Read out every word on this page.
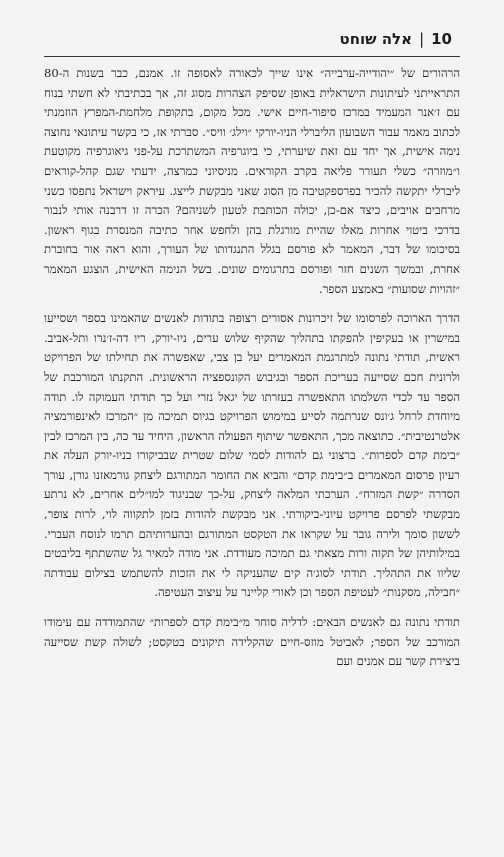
10
|
אלה שוחט

הרהורים של ״יהודייה-ערבייה״ אינו שייך לכאורה לאסופה זו. אמנם, כבר בשנות ה-80 התראייתני לעיתונות הישראלית באופן שסיפק הצהרות מסוג זה, אך בכתיבתי לא חשתי בנוח עם ז׳אנר המעמיד במרכז סיפור-חיים אישי. מכל מקום, בתקופת מלחמת-המפרץ הוזמנתי לכתוב מאמר עבור השבועון הליברלי הניו-יורקי ״וילג׳ וויס״. סברתי אז, כי בקשר עיתונאי נחוצה נימה אישית, אך יחד עם זאת שיערתי, כי ביוגרפיה המשתרכת על-פני גיאוגרפיה מקוטעת ו״מוזרה״ כשלי תעורר פליאה בקרב הקוראים. מניסיוני כמרצה, ידעתי שגם קהל-קוראים ליברלי יתקשה להכיר בפרספקטיבה מן הסוג שאני מבקשת לייצג. עיראק וישראל נתפסו כשני מרחבים אויבים, כיצד אם-כן, יכולה הכותבת לטעון לשניהם? הכרה זו דרבנה אותי לנבור בדרכי ביטוי אחרות מאלו שהיית מורגלת בהן ולחפש אחר כתיבה המנסרת בגוף ראשון. בסיכומו של דבר, המאמר לא פורסם בגלל התנגדותו של העורך, והוא ראה אור בחוברת אחרת, ובמשך השנים חזר ופורסם בתרגומים שונים. בשל הנימה האישית, הוצגע המאמר ״זהויות שסועות״ באמצע הספר.

הדרך הארוכה לפרסומו של זיכרונות אסורים רצופה בתודות לאנשים שהאמינו בספר ושסייעו במישרין או בעקיפין להפקתו בתהליך שהקיף שלוש ערים, ניו-יורק, ריו דה-ז׳נרו ותל-אביב. ראשית, תודתי נתונה למתרגמת המאמרים יעל בן צבי, שאפשרה את תחילתו של הפרויקט ולרונית חכם שסייעה בעריכת הספר ובגיבוש הקונספציה הראשונית. התקנתו המורכבת של הספר עד לכדי השלמתו התאפשרה בעזרתו של יגאל נזרי ועל כך תודתי העמוקה לו. תודה מיוחדת לרחל ג׳ונס שנרתמה לסייע במימוש הפרויקט בגיוס תמיכה מן ״המרכז לאינפורמציה אלטרנטיבית״. כתוצאה מכך, התאפשר שיתוף הפעולה הראשון, היחיד עד כה, בין המרכז לבין ״בימת קדם לספרות״. ברצוני גם להודות לסמי שלום שטרית שבביקורו בניו-יורק העלה את רעיון פרסום המאמרים ב״בימת קדם״ והביא את החומר המתורגם ליצחק גורמאזנו גורן, עורך הסדרה ״קשת המזרח״. הערכתי המלאה ליצחק, על-כך שבניגוד למו״לים אחרים, לא נרתע מבקשתי לפרסם פרויקט עיוני-ביקורתי. אני מבקשת להודות בזמן לתקווה לוי, לרות צופר, לששון סומך ולירה גובר על שקראו את הטקסט המתורגם ובהערותיהם תרמו לנוסח העברי. במילותיהן של תקוה ורות מצאתי גם תמיכה מעודדת. אני מודה למאיר גל שהשתתף בליבטים שליוו את התהליך. תודתי לסוג׳ה קים שהעניקה לי את הזכות להשתמש בצילום עבודתה ״חבילה, מסקנות״ לעטיפת הספר וכן לאורי קליינר על עיצוב העטיפה.

תודתי נתונה גם לאנשים הבאים: לדליה סוחר מ״בימת קדם לספרות״ שהתמודדה עם עימודו המורכב של הספר; לאביטל מוזס-חיים שהקלידה תיקונים בטקסט; לשולה קשת שסייעה ביצירת קשר עם אמנים ועם
